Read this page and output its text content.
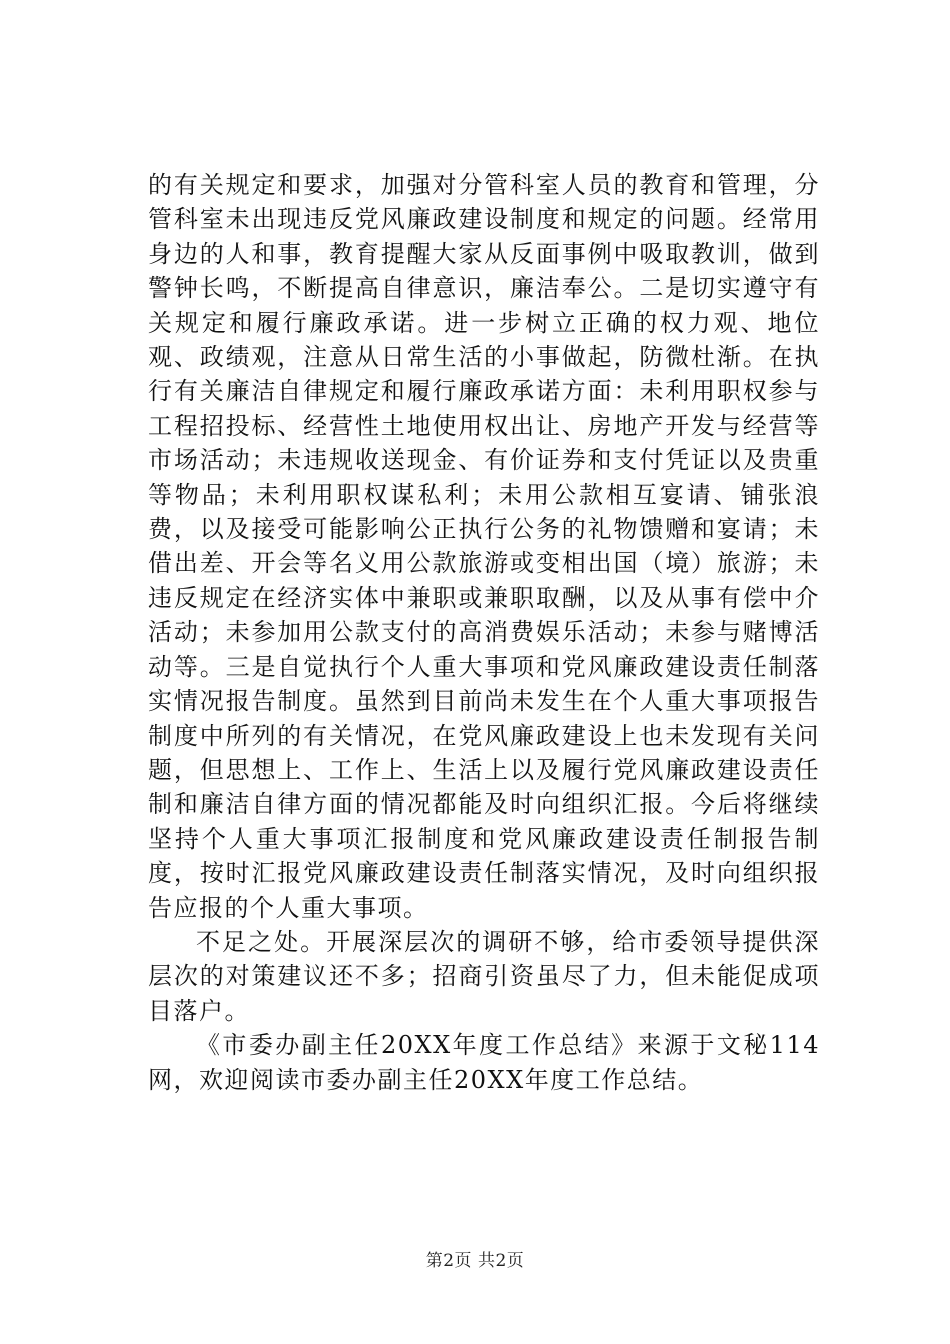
的有关规定和要求，加强对分管科室人员的教育和管理，分管科室未出现违反党风廉政建设制度和规定的问题。经常用身边的人和事，教育提醒大家从反面事例中吸取教训，做到警钟长鸣，不断提高自律意识，廉洁奉公。二是切实遵守有关规定和履行廉政承诺。进一步树立正确的权力观、地位观、政绩观，注意从日常生活的小事做起，防微杜渐。在执行有关廉洁自律规定和履行廉政承诺方面：未利用职权参与工程招投标、经营性土地使用权出让、房地产开发与经营等市场活动；未违规收送现金、有价证券和支付凭证以及贵重等物品；未利用职权谋私利；未用公款相互宴请、铺张浪费，以及接受可能影响公正执行公务的礼物馈赠和宴请；未借出差、开会等名义用公款旅游或变相出国（境）旅游；未违反规定在经济实体中兼职或兼职取酬，以及从事有偿中介活动；未参加用公款支付的高消费娱乐活动；未参与赌博活动等。三是自觉执行个人重大事项和党风廉政建设责任制落实情况报告制度。虽然到目前尚未发生在个人重大事项报告制度中所列的有关情况，在党风廉政建设上也未发现有关问题，但思想上、工作上、生活上以及履行党风廉政建设责任制和廉洁自律方面的情况都能及时向组织汇报。今后将继续坚持个人重大事项汇报制度和党风廉政建设责任制报告制度，按时汇报党风廉政建设责任制落实情况，及时向组织报告应报的个人重大事项。

不足之处。开展深层次的调研不够，给市委领导提供深层次的对策建议还不多；招商引资虽尽了力，但未能促成项目落户。

《市委办副主任20XX年度工作总结》来源于文秘114网，欢迎阅读市委办副主任20XX年度工作总结。

第2页 共2页
